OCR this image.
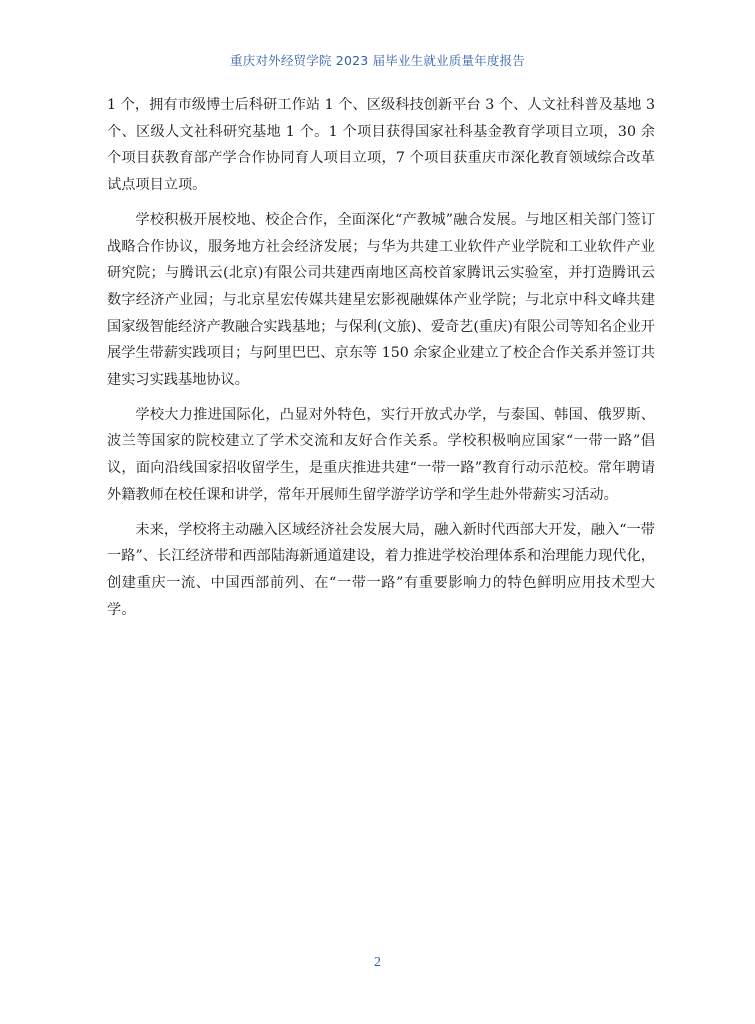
重庆对外经贸学院 2023 届毕业生就业质量年度报告

1 个，拥有市级博士后科研工作站 1 个、区级科技创新平台 3 个、人文社科普及基地 3 个、区级人文社科研究基地 1 个。1 个项目获得国家社科基金教育学项目立项，30 余个项目获教育部产学合作协同育人项目立项，7 个项目获重庆市深化教育领域综合改革试点项目立项。

学校积极开展校地、校企合作，全面深化“产教城”融合发展。与地区相关部门签订战略合作协议，服务地方社会经济发展；与华为共建工业软件产业学院和工业软件产业研究院；与腾讯云(北京)有限公司共建西南地区高校首家腾讯云实验室，并打造腾讯云数字经济产业园；与北京星宏传媒共建星宏影视融媒体产业学院；与北京中科文峰共建国家级智能经济产教融合实践基地；与保利(文旅)、爱奇艺(重庆)有限公司等知名企业开展学生带薪实践项目；与阿里巴巴、京东等 150 余家企业建立了校企合作关系并签订共建实习实践基地协议。

学校大力推进国际化，凸显对外特色，实行开放式办学，与泰国、韩国、俄罗斯、波兰等国家的院校建立了学术交流和友好合作关系。学校积极响应国家“一带一路”倡议，面向沿线国家招收留学生，是重庆推进共建“一带一路”教育行动示范校。常年聘请外籍教师在校任课和讲学，常年开展师生留学游学访学和学生赴外带薪实习活动。

未来，学校将主动融入区域经济社会发展大局，融入新时代西部大开发，融入“一带一路”、长江经济带和西部陆海新通道建设，着力推进学校治理体系和治理能力现代化，创建重庆一流、中国西部前列、在“一带一路”有重要影响力的特色鲜明应用技术型大学。

2
